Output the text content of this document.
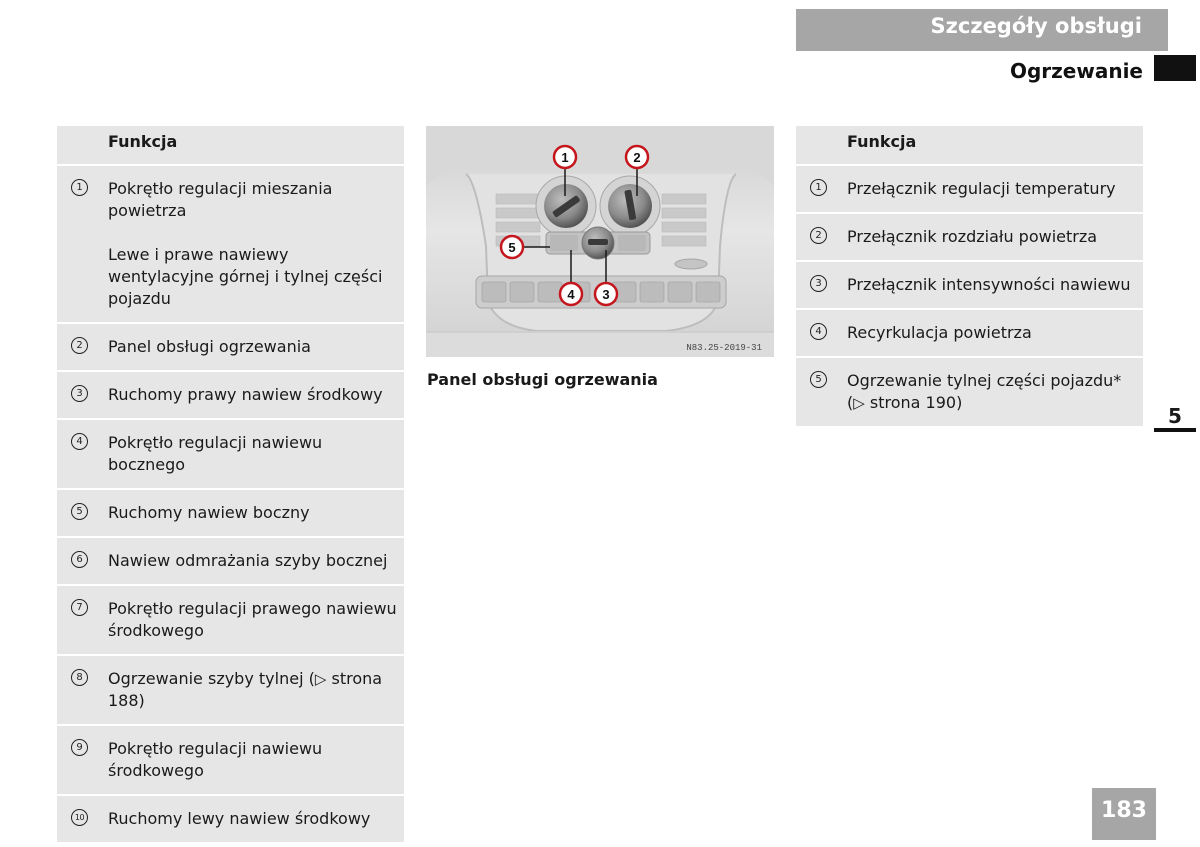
Szczegóły obsługi
Ogrzewanie
	Funkcja
1	Pokrętło regulacji mieszania powietrza
Lewe i prawe nawiewy wentylacyjne górnej i tylnej części pojazdu

2	Panel obsługi ogrzewania
3	Ruchomy prawy nawiew środkowy
4	Pokrętło regulacji nawiewu bocznego
5	Ruchomy nawiew boczny
6	Nawiew odmrażania szyby bocznej
7	Pokrętło regulacji prawego nawiewu środkowego
8	Ogrzewanie szyby tylnej (▷ strona 188)
9	Pokrętło regulacji nawiewu środkowego
10	Ruchomy lewy nawiew środkowy
1	2
3
4
5
N83.25-2019-31
Panel obsługi ogrzewania
	Funkcja
1	Przełącznik regulacji temperatury
2	Przełącznik rozdziału powietrza
3	Przełącznik intensywności nawiewu
4	Recyrkulacja powietrza
5	Ogrzewanie tylnej części pojazdu*
(▷ strona 190)
5
183
